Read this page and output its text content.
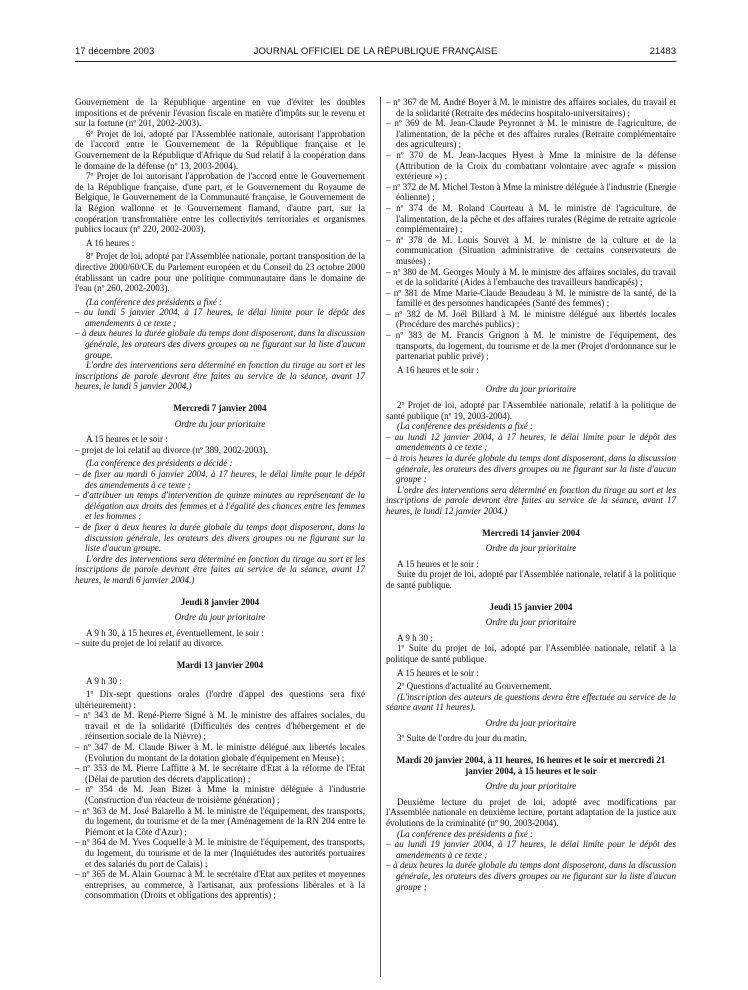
17 décembre 2003	JOURNAL OFFICIEL DE LA RÉPUBLIQUE FRANÇAISE	21483

Gouvernement de la République argentine en vue d'éviter les doubles impositions et de prévenir l'évasion fiscale en matière d'impôts sur le revenu et sur la fortune (nº 201, 2002-2003).

6º Projet de loi, adopté par l'Assemblée nationale, autorisant l'approbation de l'accord entre le Gouvernement de la République française et le Gouvernement de la République d'Afrique du Sud relatif à la coopération dans le domaine de la défense (nº 13, 2003-2004).

7º Projet de loi autorisant l'approbation de l'accord entre le Gouvernement de la République française, d'une part, et le Gouvernement du Royaume de Belgique, le Gouvernement de la Communauté française, le Gouvernement de la Région wallonne et le Gouvernement flamand, d'autre part, sur la coopération transfrontalière entre les collectivités territoriales et organismes publics locaux (nº 220, 2002-2003).

A 16 heures :

8º Projet de loi, adopté par l'Assemblée nationale, portant transposition de la directive 2000/60/CE du Parlement européen et du Conseil du 23 octobre 2000 établissant un cadre pour une politique communautaire dans le domaine de l'eau (nº 260, 2002-2003).

(La conférence des présidents a fixé :

– au lundi 5 janvier 2004, à 17 heures, le délai limite pour le dépôt des amendements à ce texte ;

– à deux heures la durée globale du temps dont disposeront, dans la discussion générale, les orateurs des divers groupes ou ne figurant sur la liste d'aucun groupe.

L'ordre des interventions sera déterminé en fonction du tirage au sort et les inscriptions de parole devront être faites au service de la séance, avant 17 heures, le lundi 5 janvier 2004.)

Mercredi 7 janvier 2004
Ordre du jour prioritaire

A 15 heures et le soir :

– projet de loi relatif au divorce (nº 389, 2002-2003).

(La conférence des présidents a décidé :

– de fixer au mardi 6 janvier 2004, à 17 heures, le délai limite pour le dépôt des amendements à ce texte ;

– d'attribuer un temps d'intervention de quinze minutes au représentant de la délégation aux droits des femmes et à l'égalité des chances entre les femmes et les hommes ;

– de fixer à deux heures la durée globale du temps dont disposeront, dans la discussion générale, les orateurs des divers groupes ou ne figurant sur la liste d'aucun groupe.

L'ordre des interventions sera déterminé en fonction du tirage au sort et les inscriptions de parole devront être faites au service de la séance, avant 17 heures, le mardi 6 janvier 2004.)

Jeudi 8 janvier 2004
Ordre du jour prioritaire

A 9 h 30, à 15 heures et, éventuellement, le soir :

– suite du projet de loi relatif au divorce.

Mardi 13 janvier 2004

A 9 h 30 :

1º Dix-sept questions orales (l'ordre d'appel des questions sera fixé ultérieurement) :

– nº 343 de M. René-Pierre Signé à M. le ministre des affaires sociales, du travail et de la solidarité (Difficultés des centres d'hébergement et de réinsertion sociale de la Nièvre) ;

– nº 347 de M. Claude Biwer à M. le ministre délégué aux libertés locales (Evolution du montant de la dotation globale d'équipement en Meuse) ;

– nº 353 de M. Pierre Laffitte à M. le secrétaire d'Etat à la réforme de l'Etat (Délai de parution des décrets d'application) ;

– nº 354 de M. Jean Bizet à Mme la ministre déléguée à l'industrie (Construction d'un réacteur de troisième génération) ;

– nº 363 de M. José Balarello à M. le ministre de l'équipement, des transports, du logement, du tourisme et de la mer (Aménagement de la RN 204 entre le Piémont et la Côte d'Azur) ;

– nº 364 de M. Yves Coquelle à M. le ministre de l'équipement, des transports, du logement, du tourisme et de la mer (Inquiétudes des autorités portuaires et des salariés du port de Calais) ;

– nº 365 de M. Alain Gournac à M. le secrétaire d'Etat aux petites et moyennes entreprises, au commerce, à l'artisanat, aux professions libérales et à la consommation (Droits et obligations des apprentis) ;

– nº 367 de M. André Boyer à M. le ministre des affaires sociales, du travail et de la solidarité (Retraite des médecins hospitalo-universitaires) ;

– nº 369 de M. Jean-Claude Peyronnet à M. le ministre de l'agriculture, de l'alimentation, de la pêche et des affaires rurales (Retraite complémentaire des agriculteurs) ;

– nº 370 de M. Jean-Jacques Hyest à Mme la ministre de la défense (Attribution de la Croix du combattant volontaire avec agrafe « mission extérieure ») ;

– nº 372 de M. Michel Teston à Mme la ministre déléguée à l'industrie (Energie éolienne) ;

– nº 374 de M. Roland Courteau à M. le ministre de l'agriculture, de l'alimentation, de la pêche et des affaires rurales (Régime de retraite agricole complémentaire) ;

– nº 378 de M. Louis Souvet à M. le ministre de la culture et de la communication (Situation administrative de certains conservateurs de musées) ;

– nº 380 de M. Georges Mouly à M. le ministre des affaires sociales, du travail et de la solidarité (Aides à l'embauche des travailleurs handicapés) ;

– nº 381 de Mme Marie-Claude Beaudeau à M. le ministre de la santé, de la famille et des personnes handicapées (Santé des femmes) ;

– nº 382 de M. Joël Billard à M. le ministre délégué aux libertés locales (Procédure des marchés publics) ;

– nº 383 de M. Francis Grignon à M. le ministre de l'équipement, des transports, du logement, du tourisme et de la mer (Projet d'ordonnance sur le partenariat public privé) ;

A 16 heures et le soir :

Ordre du jour prioritaire

2º Projet de loi, adopté par l'Assemblée nationale, relatif à la politique de santé publique (nº 19, 2003-2004).

(La conférence des présidents a fixé :

– au lundi 12 janvier 2004, à 17 heures, le délai limite pour le dépôt des amendements à ce texte ;

– à trois heures la durée globale du temps dont disposeront, dans la discussion générale, les orateurs des divers groupes ou ne figurant sur la liste d'aucun groupe ;

L'ordre des interventions sera déterminé en fonction du tirage au sort et les inscriptions de parole devront être faites au service de la séance, avant 17 heures, le lundi 12 janvier 2004.)

Mercredi 14 janvier 2004
Ordre du jour prioritaire

A 15 heures et le soir :

Suite du projet de loi, adopté par l'Assemblée nationale, relatif à la politique de santé publique.

Jeudi 15 janvier 2004
Ordre du jour prioritaire

A 9 h 30 :

1º Suite du projet de loi, adopté par l'Assemblée nationale, relatif à la politique de santé publique.

A 15 heures et le soir :

2º Questions d'actualité au Gouvernement.

(L'inscription des auteurs de questions devra être effectuée au service de la séance avant 11 heures).

Ordre du jour prioritaire

3º Suite de l'ordre du jour du matin.

Mardi 20 janvier 2004, à 11 heures, 16 heures et le soir et mercredi 21 janvier 2004, à 15 heures et le soir
Ordre du jour prioritaire

Deuxième lecture du projet de loi, adopté avec modifications par l'Assemblée nationale en deuxième lecture, portant adaptation de la justice aux évolutions de la criminalité (nº 90, 2003-2004).

(La conférence des présidents a fixé :

– au lundi 19 janvier 2004, à 17 heures, le délai limite pour le dépôt des amendements à ce texte ;

– à deux heures la durée globale du temps dont disposeront, dans la discussion générale, les orateurs des divers groupes ou ne figurant sur la liste d'aucun groupe ;
